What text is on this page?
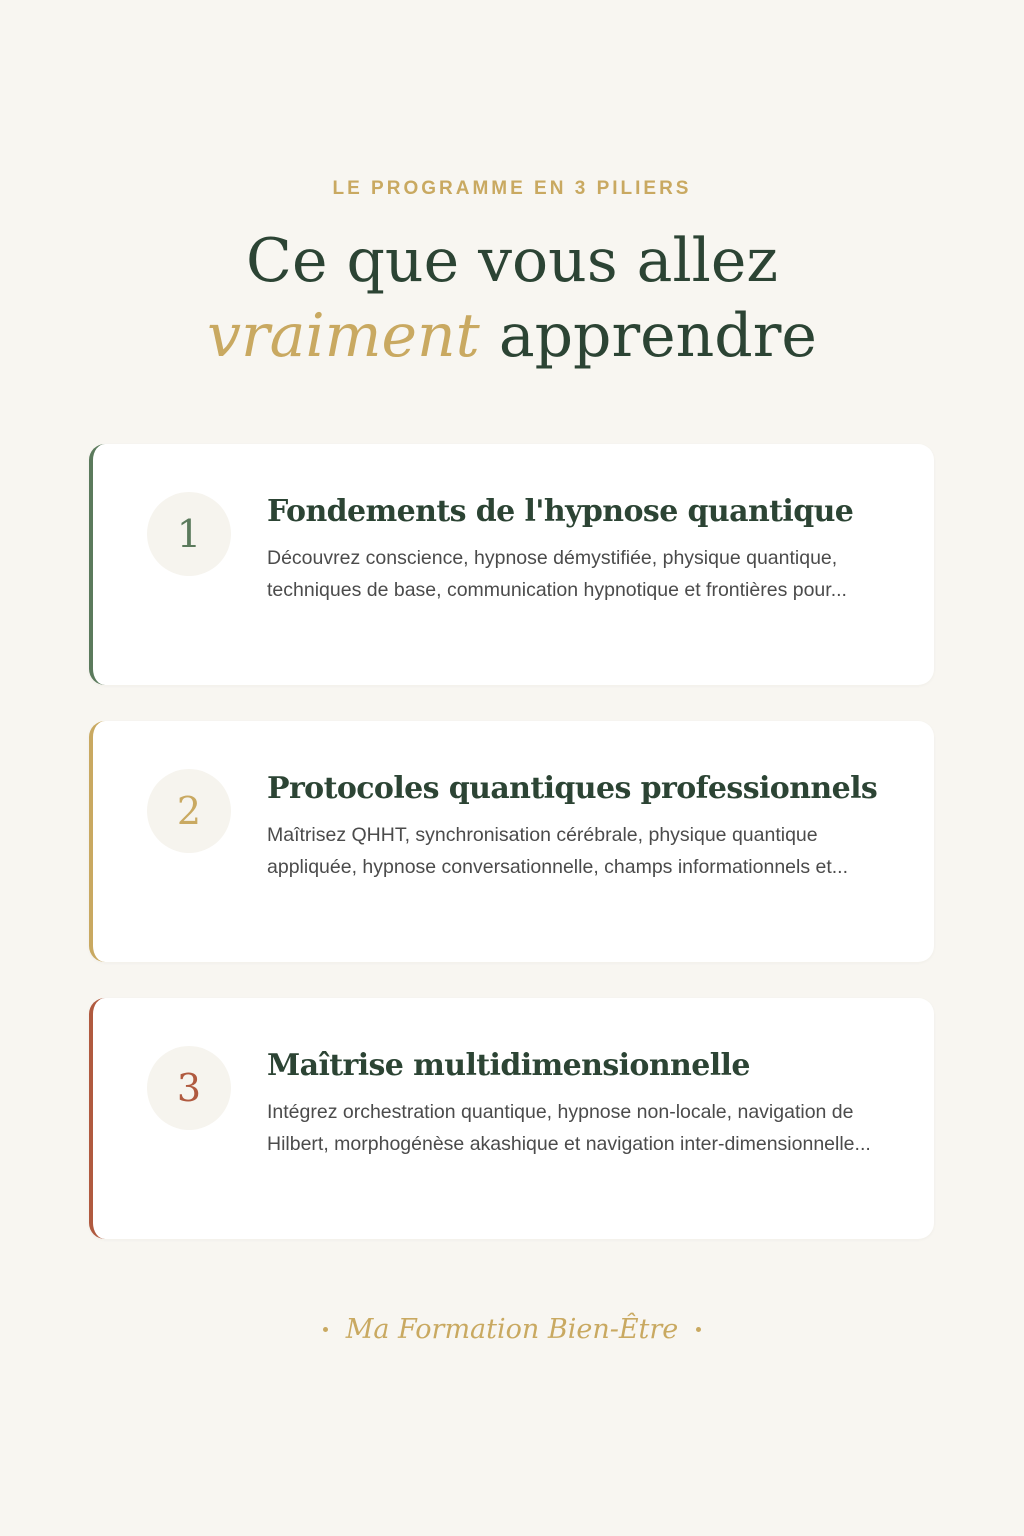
LE PROGRAMME EN 3 PILIERS
Ce que vous allez
vraiment apprendre
1
Fondements de l'hypnose quantique

Découvrez conscience, hypnose démystifiée, physique quantique, techniques de base, communication hypnotique et frontières pour...

2
Protocoles quantiques professionnels

Maîtrisez QHHT, synchronisation cérébrale, physique quantique appliquée, hypnose conversationnelle, champs informationnels et...

3
Maîtrise multidimensionnelle

Intégrez orchestration quantique, hypnose non-locale, navigation de Hilbert, morphogénèse akashique et navigation inter-dimensionnelle...

Ma Formation Bien-Être
